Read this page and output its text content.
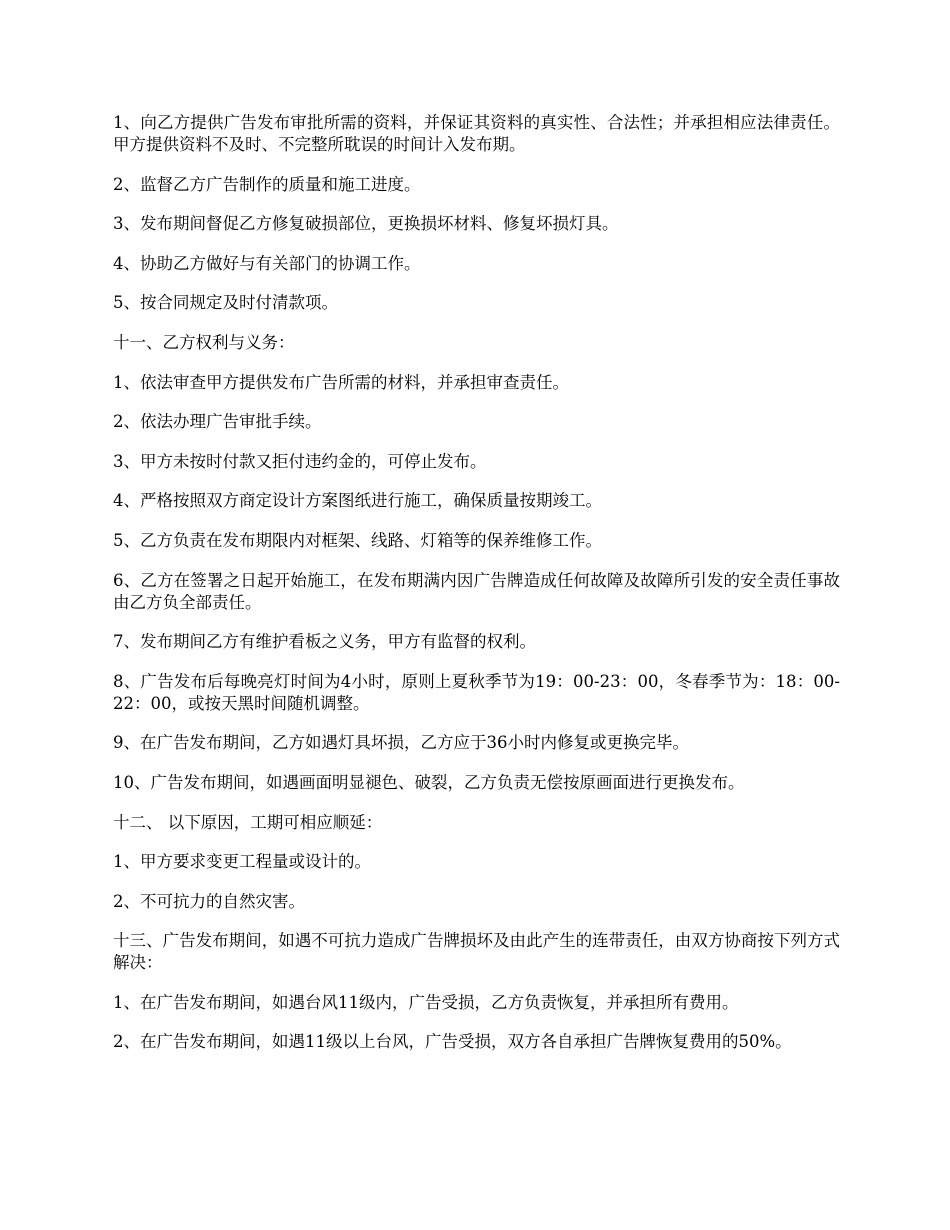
1、向乙方提供广告发布审批所需的资料，并保证其资料的真实性、合法性；并承担相应法律责任。甲方提供资料不及时、不完整所耽误的时间计入发布期。

2、监督乙方广告制作的质量和施工进度。

3、发布期间督促乙方修复破损部位，更换损坏材料、修复坏损灯具。

4、协助乙方做好与有关部门的协调工作。

5、按合同规定及时付清款项。

十一、乙方权利与义务：

1、依法审查甲方提供发布广告所需的材料，并承担审查责任。

2、依法办理广告审批手续。

3、甲方未按时付款又拒付违约金的，可停止发布。

4、严格按照双方商定设计方案图纸进行施工，确保质量按期竣工。

5、乙方负责在发布期限内对框架、线路、灯箱等的保养维修工作。

6、乙方在签署之日起开始施工，在发布期满内因广告牌造成任何故障及故障所引发的安全责任事故由乙方负全部责任。

7、发布期间乙方有维护看板之义务，甲方有监督的权利。

8、广告发布后每晚亮灯时间为4小时，原则上夏秋季节为19：00-23：00，冬春季节为：18：00-22：00，或按天黑时间随机调整。

9、在广告发布期间，乙方如遇灯具坏损，乙方应于36小时内修复或更换完毕。

10、广告发布期间，如遇画面明显褪色、破裂，乙方负责无偿按原画面进行更换发布。

十二、 以下原因，工期可相应顺延：

1、甲方要求变更工程量或设计的。

2、不可抗力的自然灾害。

十三、广告发布期间，如遇不可抗力造成广告牌损坏及由此产生的连带责任，由双方协商按下列方式解决：

1、在广告发布期间，如遇台风11级内，广告受损，乙方负责恢复，并承担所有费用。

2、在广告发布期间，如遇11级以上台风，广告受损，双方各自承担广告牌恢复费用的50%。
